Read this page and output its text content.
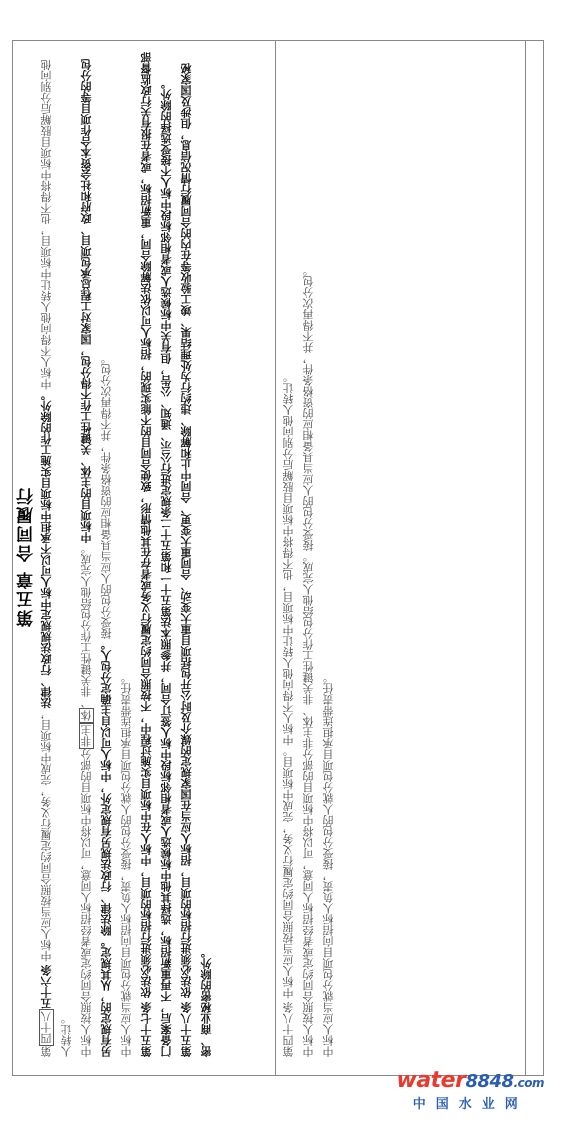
第四十八条 中标人应当按照合同约定履行义务，完成中标项目。中标人不得向他人转让中标项目，也不得将中标项目肢解后分别向他人转让。 中标人按照合同约定或者经招标人同意，可以将中标项目的部分非主体、非关键性工作分包给他人完成。接受分包的人应当具备相应的资格条件，并不得再次分包。 中标人应当就分包项目向招标人负责，接受分包的人就分包项目承担连带责任。
第五章 合同履行
第四十八五十六条 中标人应当按照合同约定履行义务，完成中标项目，法律、行政法规规定中标人可以不承担中标项目实施工作的除外。中标人不得向他人转让中标项目，也不得将中标项目肢解后分别向他人转让。 中标人按照合同约定或者经招标人同意，可以将中标项目的部分非主体、非关键性工作分包给他人完成。中标项目的主体、关键性工作不得分包，国家对工程总承包项目、政府和社会资本合作项目等的分包另有规定的，从其规定。除法律、行政法规另有规定外，中标人可以自主确定分包人。接受分包的人应当具备相应的资格条件，并不得再次分包。
中标人应当就分包项目向招标人负责，接受分包的人就分包项目承担连带责任。 第五十七条 依法必须进行招标的项目，中标人在中标项目实施过程中，不按照合同约定履行义务或者存在其他情形，致使合同目的不能实现的，招标人可以依法解除合同，重新招标，或者在报有关行政监督部门备案后，不再重新招标，选择其他中标候选人或者相邻标段中标人签订合同，并参照本法第五十一和第五十二条规定进行公示、通知、公告，但有关中标候选人或者相邻标段中标人不接受选择的除外。 第五十八条 依法必须进行招标的项目，招标人应当在国家规定的媒介及时公开包括项目重大变动、合同重大变更、合同中止和解除、违约行为处理结果、竣工验收等在内的合同履行情况信息，但涉及国家秘密、商业秘密的除外。
water8848.com
中国水业网
